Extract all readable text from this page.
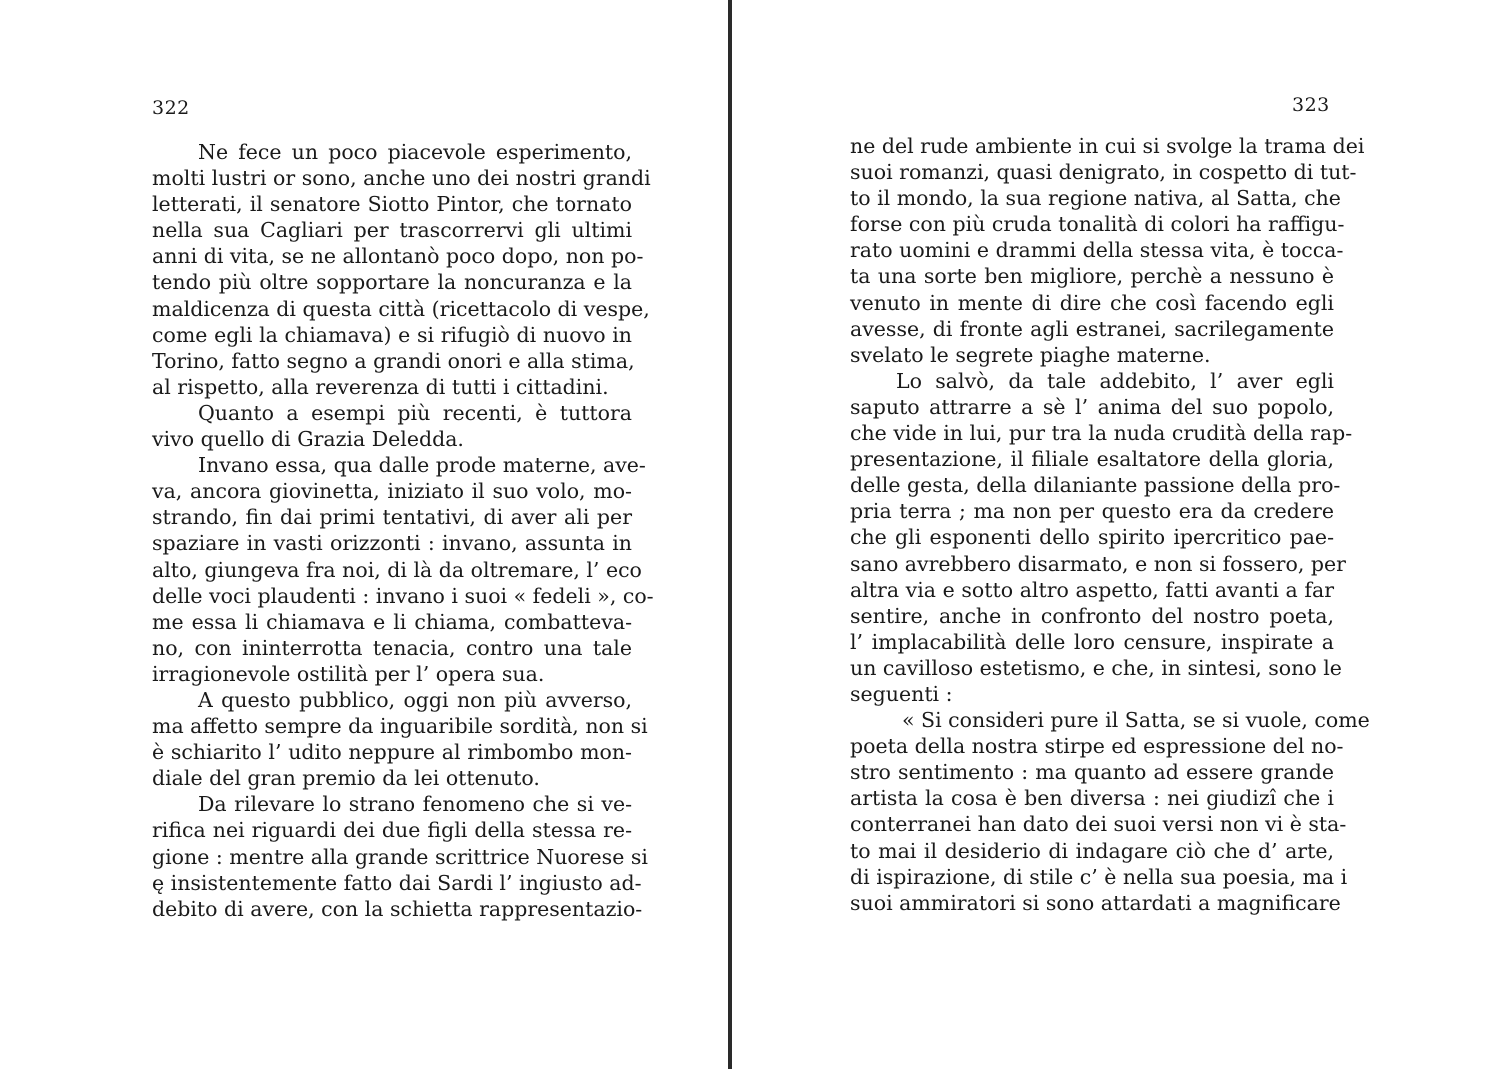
322
Ne fece un poco piacevole esperimento,
molti lustri or sono, anche uno dei nostri grandi
letterati, il senatore Siotto Pintor, che tornato
nella sua Cagliari per trascorrervi gli ultimi
anni di vita, se ne allontanò poco dopo, non po-
tendo più oltre sopportare la noncuranza e la
maldicenza di questa città (ricettacolo di vespe,
come egli la chiamava) e si rifugiò di nuovo in
Torino, fatto segno a grandi onori e alla stima,
al rispetto, alla reverenza di tutti i cittadini.
Quanto a esempi più recenti, è tuttora
vivo quello di Grazia Deledda.
Invano essa, qua dalle prode materne, ave-
va, ancora giovinetta, iniziato il suo volo, mo-
strando, fin dai primi tentativi, di aver ali per
spaziare in vasti orizzonti : invano, assunta in
alto, giungeva fra noi, di là da oltremare, l’ eco
delle voci plaudenti : invano i suoi « fedeli », co-
me essa li chiamava e li chiama, combatteva-
no, con ininterrotta tenacia, contro una tale
irragionevole ostilità per l’ opera sua.
A questo pubblico, oggi non più avverso,
ma affetto sempre da inguaribile sordità, non si
è schiarito l’ udito neppure al rimbombo mon-
diale del gran premio da lei ottenuto.
Da rilevare lo strano fenomeno che si ve-
rifica nei riguardi dei due figli della stessa re-
gione : mentre alla grande scrittrice Nuorese si
ę insistentemente fatto dai Sardi l’ ingiusto ad-
debito di avere, con la schietta rappresentazio-
323
ne del rude ambiente in cui si svolge la trama dei
suoi romanzi, quasi denigrato, in cospetto di tut-
to il mondo, la sua regione nativa, al Satta, che
forse con più cruda tonalità di colori ha raffigu-
rato uomini e drammi della stessa vita, è tocca-
ta una sorte ben migliore, perchè a nessuno è
venuto in mente di dire che così facendo egli
avesse, di fronte agli estranei, sacrilegamente
svelato le segrete piaghe materne.
Lo salvò, da tale addebito, l’ aver egli
saputo attrarre a sè l’ anima del suo popolo,
che vide in lui, pur tra la nuda crudità della rap-
presentazione, il filiale esaltatore della gloria,
delle gesta, della dilaniante passione della pro-
pria terra ; ma non per questo era da credere
che gli esponenti dello spirito ipercritico pae-
sano avrebbero disarmato, e non si fossero, per
altra via e sotto altro aspetto, fatti avanti a far
sentire, anche in confronto del nostro poeta,
l’ implacabilità delle loro censure, inspirate a
un cavilloso estetismo, e che, in sintesi, sono le
seguenti :
« Si consideri pure il Satta, se si vuole, come
poeta della nostra stirpe ed espressione del no-
stro sentimento : ma quanto ad essere grande
artista la cosa è ben diversa : nei giudizî che i
conterranei han dato dei suoi versi non vi è sta-
to mai il desiderio di indagare ciò che d’ arte,
di ispirazione, di stile c’ è nella sua poesia, ma i
suoi ammiratori si sono attardati a magnificare
